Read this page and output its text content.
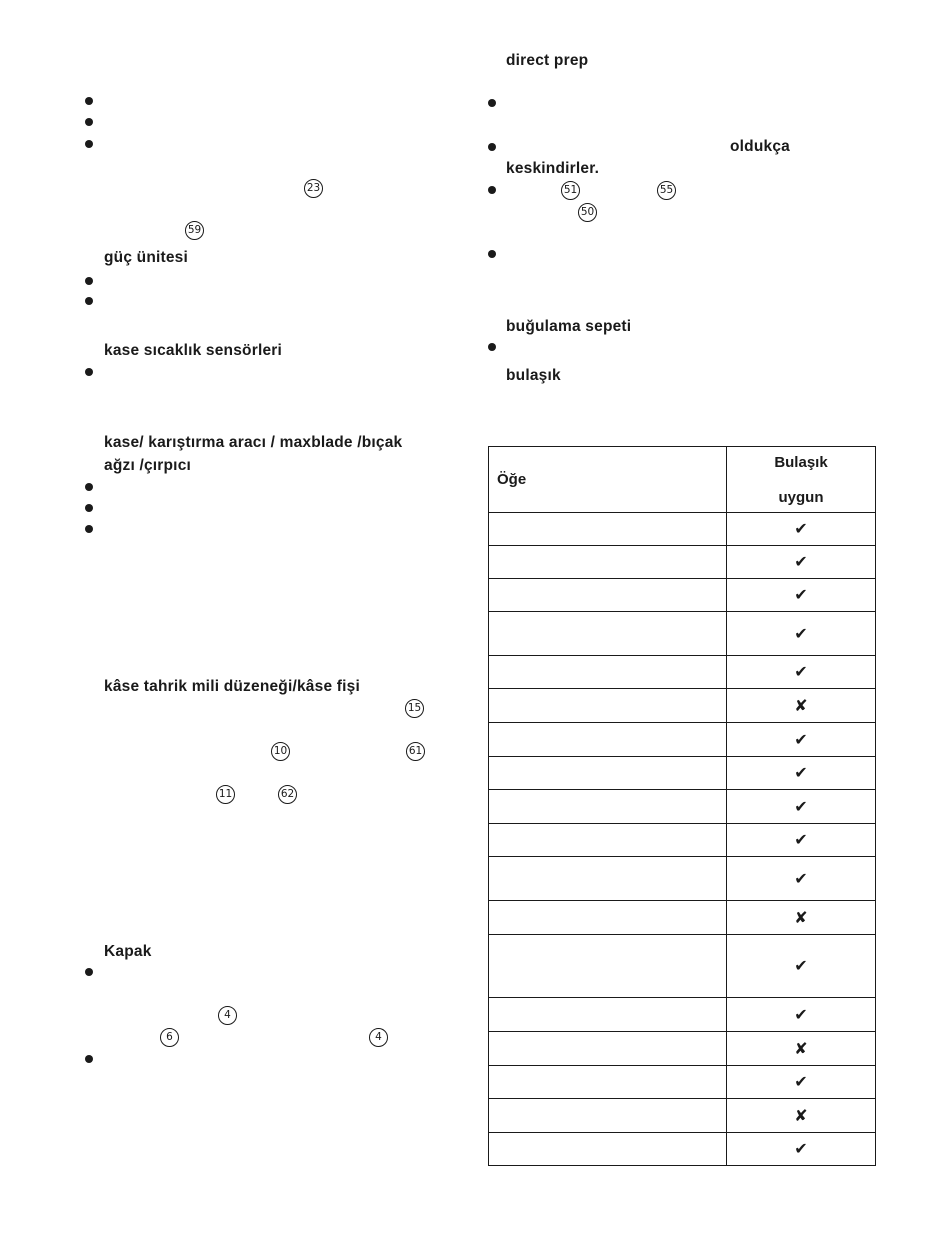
23
59
güç ünitesi
kase sıcaklık sensörleri
kase/ karıştırma aracı / maxblade /bıçak
ağzı /çırpıcı
kâse tahrik mili düzeneği/kâse fişi
15
10	61
11	62
Kapak
4
6	4
direct prep
oldukça
keskindirler.
51	55
50
buğulama sepeti
bulaşık
Öğe	Bulaşık
uygun

	✔
	✔
	✔
	✔
	✔
	✘
	✔
	✔
	✔
	✔
	✔
	✘
	✔
	✔
	✘
	✔
	✘
	✔
